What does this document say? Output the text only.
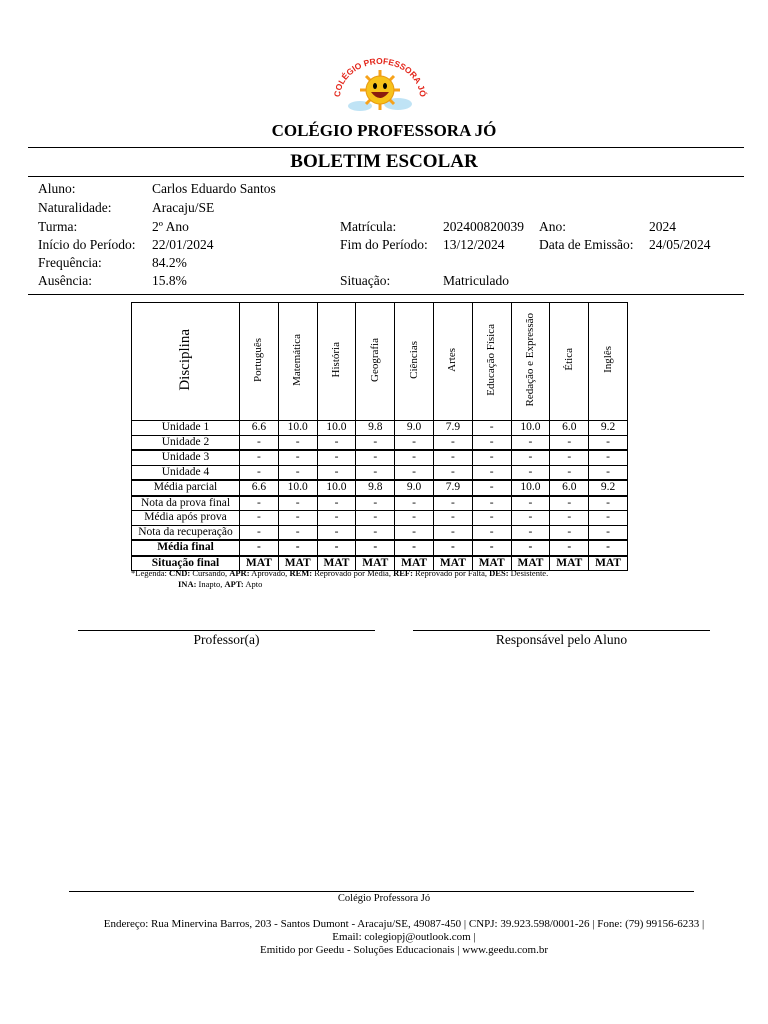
COLÉGIO PROFESSORA JÓ
COLÉGIO PROFESSORA JÓ
BOLETIM ESCOLAR
Aluno:	Carlos Eduardo Santos
Naturalidade:	Aracaju/SE
Turma:	2º Ano	Matrícula:	202400820039 Ano:	2024
Início do Período: 22/01/2024	Fim do Período: 13/12/2024	Data de Emissão: 24/05/2024
Frequência:	84.2%
Ausência:	15.8%	Situação:	Matriculado
Disciplina	Português	Matemática	História	Geografia	Ciências	Artes	Educação Física	Redação e Expressão	Ética	Inglês
Unidade 1	6.6	10.0	10.0	9.8	9.0	7.9	-	10.0	6.0	9.2
Unidade 2	-	-	-	-	-	-	-	-	-	-
Unidade 3	-	-	-	-	-	-	-	-	-	-
Unidade 4	-	-	-	-	-	-	-	-	-	-
Média parcial	6.6	10.0	10.0	9.8	9.0	7.9	-	10.0	6.0	9.2
Nota da prova final	-	-	-	-	-	-	-	-	-	-
Média após prova	-	-	-	-	-	-	-	-	-	-
Nota da recuperação	-	-	-	-	-	-	-	-	-	-
Média final	-	-	-	-	-	-	-	-	-	-
Situação final	MAT	MAT	MAT	MAT	MAT	MAT	MAT	MAT	MAT	MAT
*Legenda: CND: Cursando, APR: Aprovado, REM: Reprovado por Média, REF: Reprovado por Falta, DES: Desistente.
INA: Inapto, APT: Apto
Professor(a)	Responsável pelo Aluno
Colégio Professora Jó
Endereço: Rua Minervina Barros, 203 - Santos Dumont - Aracaju/SE, 49087-450 | CNPJ: 39.923.598/0001-26 | Fone: (79) 99156-6233 | Email: colegiopj@outlook.com |
Emitido por Geedu - Soluções Educacionais | www.geedu.com.br
